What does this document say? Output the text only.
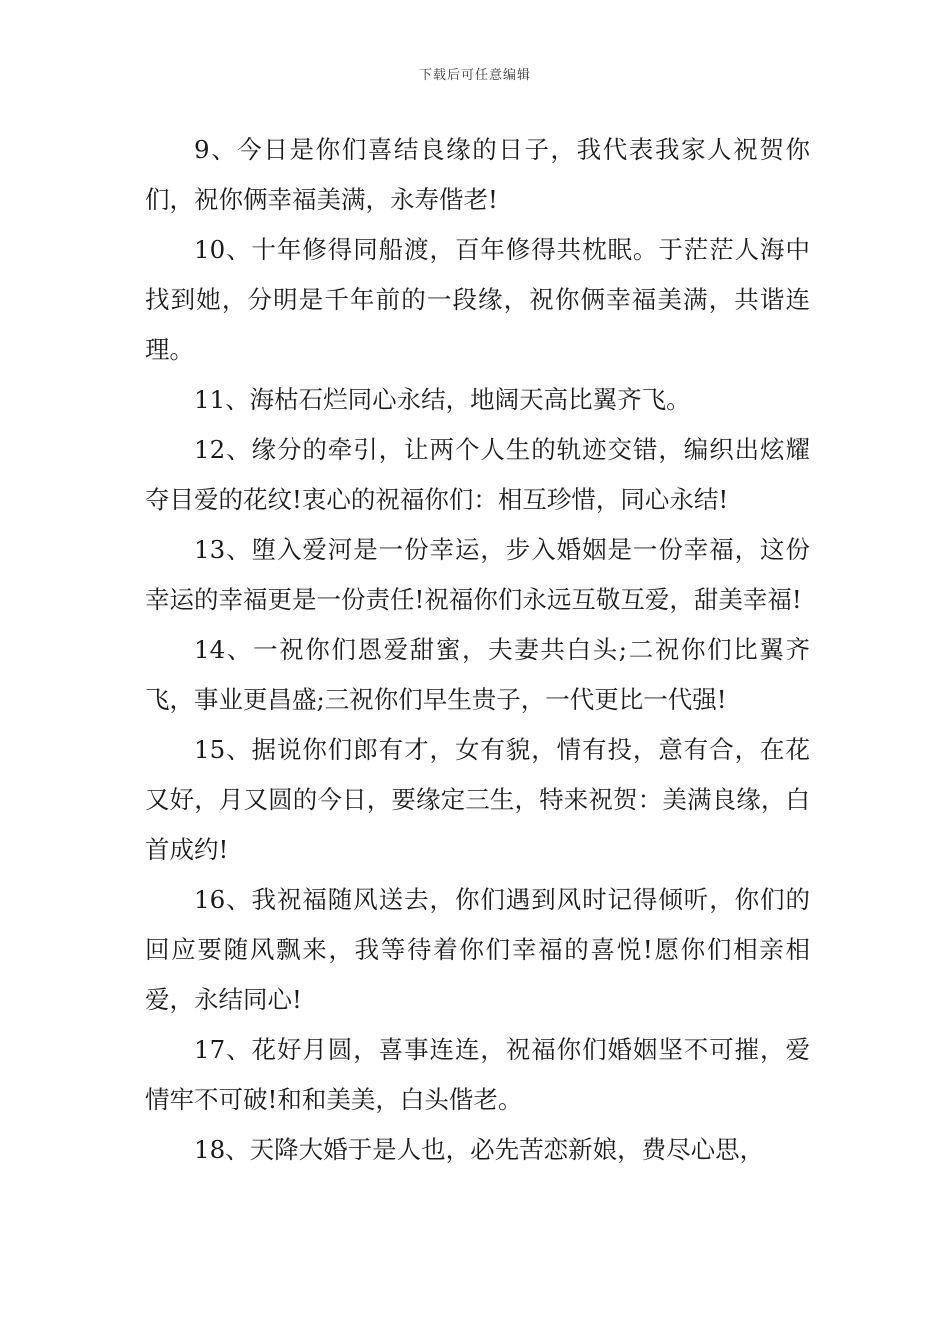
下载后可任意编辑

9、今日是你们喜结良缘的日子，我代表我家人祝贺你们，祝你俩幸福美满，永寿偕老!

10、十年修得同船渡，百年修得共枕眠。于茫茫人海中找到她，分明是千年前的一段缘，祝你俩幸福美满，共谐连理。

11、海枯石烂同心永结，地阔天高比翼齐飞。

12、缘分的牵引，让两个人生的轨迹交错，编织出炫耀夺目爱的花纹!衷心的祝福你们：相互珍惜，同心永结!

13、堕入爱河是一份幸运，步入婚姻是一份幸福，这份幸运的幸福更是一份责任!祝福你们永远互敬互爱，甜美幸福!

14、一祝你们恩爱甜蜜，夫妻共白头;二祝你们比翼齐飞，事业更昌盛;三祝你们早生贵子，一代更比一代强!

15、据说你们郎有才，女有貌，情有投，意有合，在花又好，月又圆的今日，要缘定三生，特来祝贺：美满良缘，白首成约!

16、我祝福随风送去，你们遇到风时记得倾听，你们的回应要随风飘来，我等待着你们幸福的喜悦!愿你们相亲相爱，永结同心!

17、花好月圆，喜事连连，祝福你们婚姻坚不可摧，爱情牢不可破!和和美美，白头偕老。

18、天降大婚于是人也，必先苦恋新娘，费尽心思，
